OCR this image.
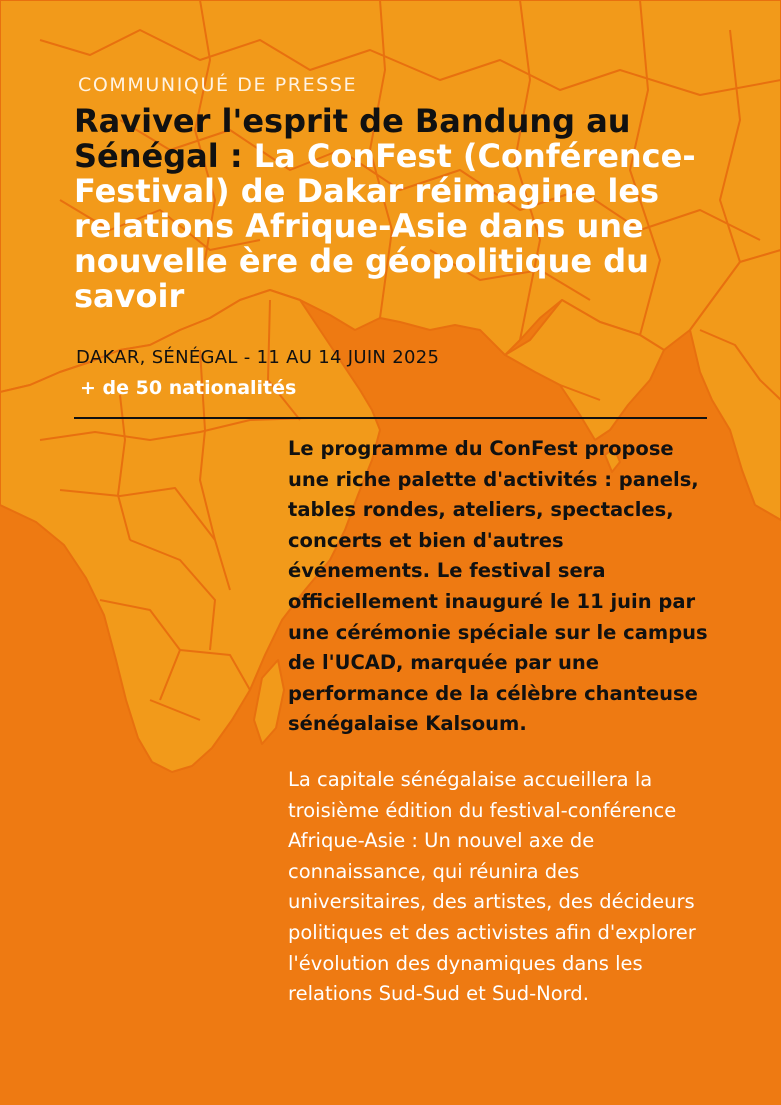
COMMUNIQUÉ DE PRESSE

Raviver l'esprit de Bandung au Sénégal : La ConFest (Conférence-Festival) de Dakar réimagine les relations Afrique-Asie dans une nouvelle ère de géopolitique du savoir

DAKAR, SÉNÉGAL - 11 AU 14 JUIN 2025

+ de 50 nationalités

Le programme du ConFest propose une riche palette d'activités : panels, tables rondes, ateliers, spectacles, concerts et bien d'autres événements. Le festival sera officiellement inauguré le 11 juin par une cérémonie spéciale sur le campus de l'UCAD, marquée par une performance de la célèbre chanteuse sénégalaise Kalsoum.

La capitale sénégalaise accueillera la troisième édition du festival-conférence Afrique-Asie : Un nouvel axe de connaissance, qui réunira des universitaires, des artistes, des décideurs politiques et des activistes afin d'explorer l'évolution des dynamiques dans les relations Sud-Sud et Sud-Nord.
